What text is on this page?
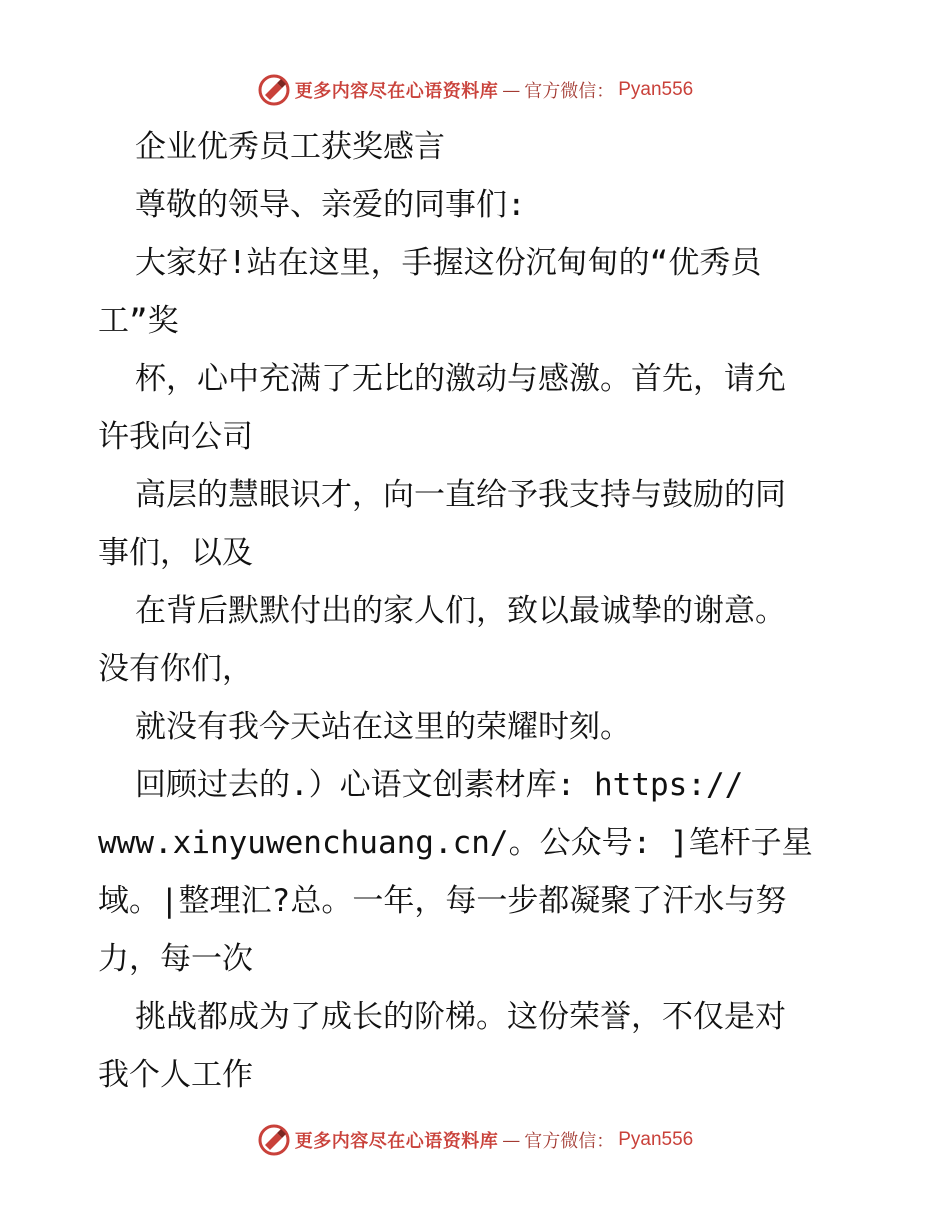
更多内容尽在心语资料库 — 官方微信： Pyan556
企业优秀员工获奖感言
尊敬的领导、亲爱的同事们:
大家好!站在这里，手握这份沉甸甸的“优秀员
工”奖
杯，心中充满了无比的激动与感激。首先，请允
许我向公司
高层的慧眼识才，向一直给予我支持与鼓励的同
事们，以及
在背后默默付出的家人们，致以最诚挚的谢意。
没有你们，
就没有我今天站在这里的荣耀时刻。
回顾过去的.）心语文创素材库: https://
www.xinyuwenchuang.cn/。公众号: ]笔杆子星
域。|整理汇?总。一年，每一步都凝聚了汗水与努
力，每一次
挑战都成为了成长的阶梯。这份荣誉，不仅是对
我个人工作
更多内容尽在心语资料库 — 官方微信： Pyan556
